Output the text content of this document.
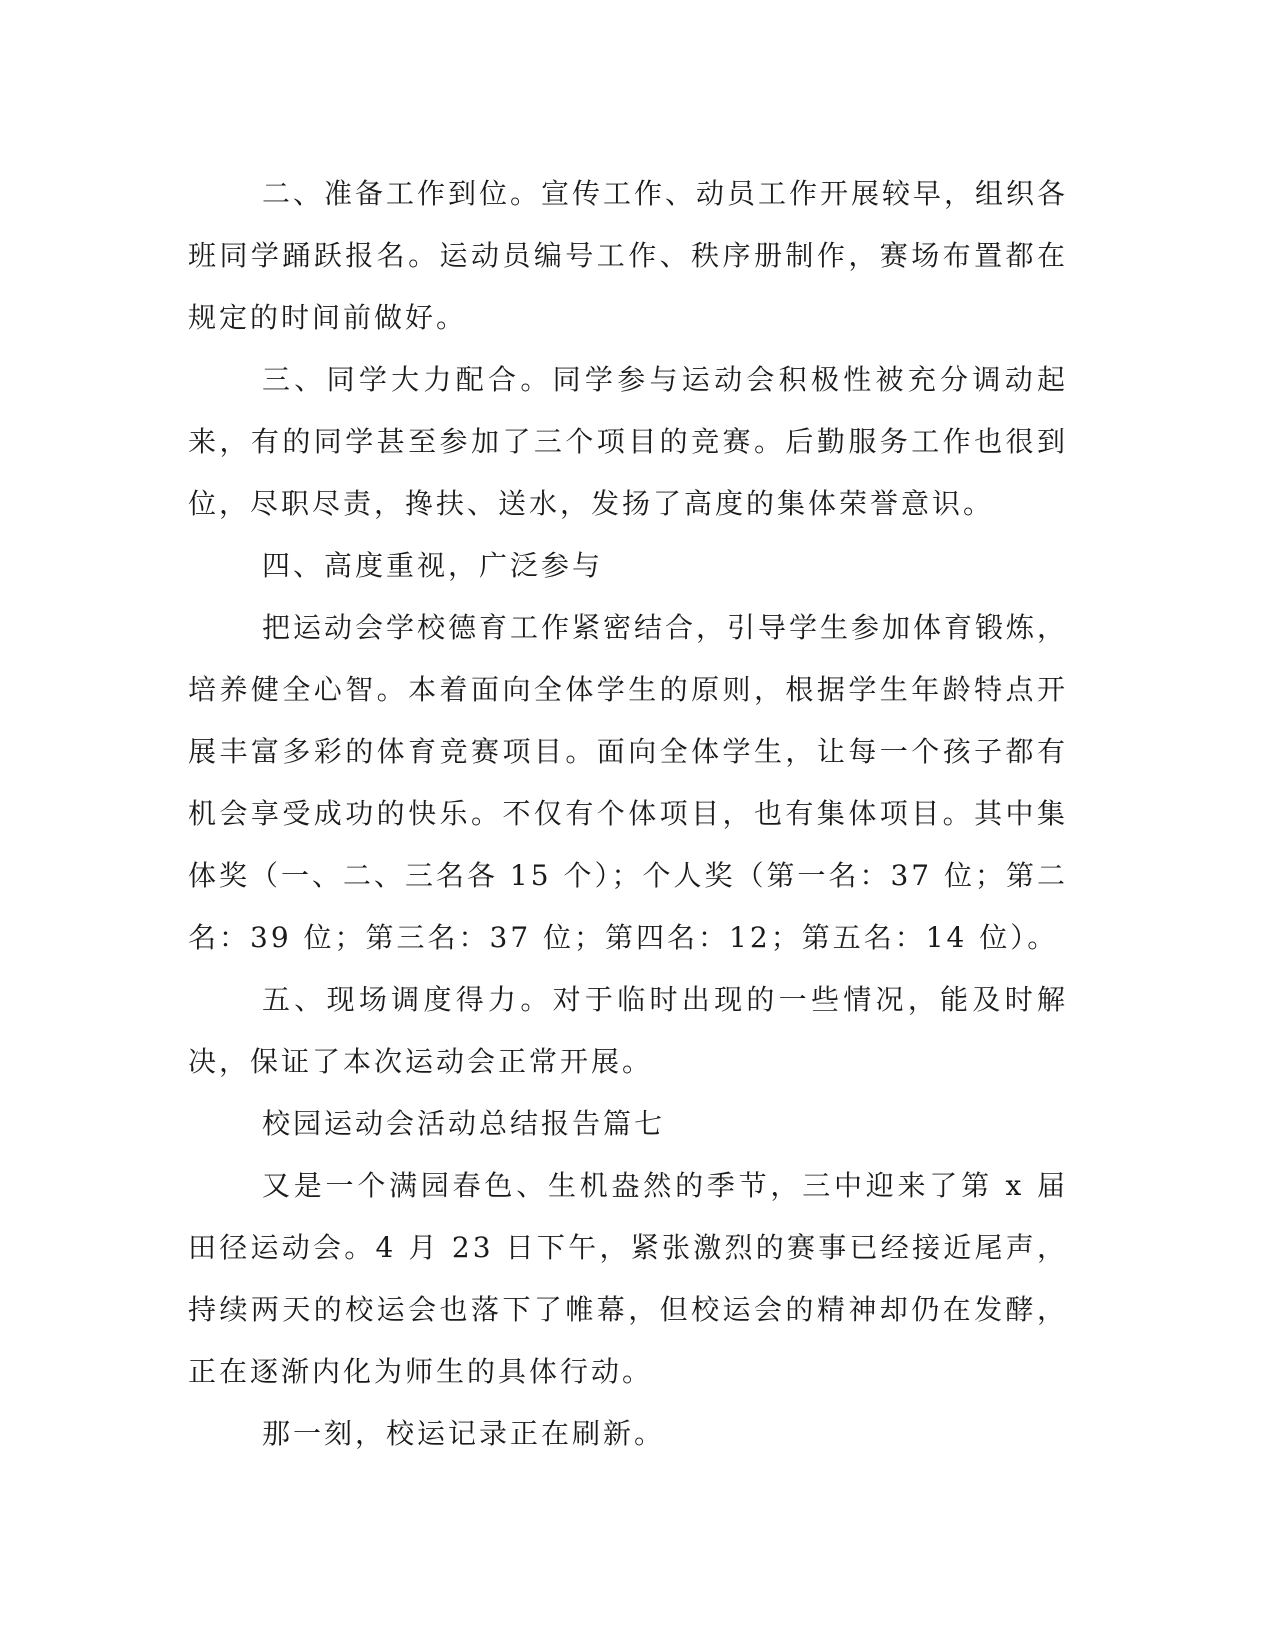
二、准备工作到位。宣传工作、动员工作开展较早，组织各班同学踊跃报名。运动员编号工作、秩序册制作，赛场布置都在规定的时间前做好。

三、同学大力配合。同学参与运动会积极性被充分调动起来，有的同学甚至参加了三个项目的竞赛。后勤服务工作也很到位，尽职尽责，搀扶、送水，发扬了高度的集体荣誉意识。

四、高度重视，广泛参与

把运动会学校德育工作紧密结合，引导学生参加体育锻炼，培养健全心智。本着面向全体学生的原则，根据学生年龄特点开展丰富多彩的体育竞赛项目。面向全体学生，让每一个孩子都有机会享受成功的快乐。不仅有个体项目，也有集体项目。其中集体奖（一、二、三名各 15 个）；个人奖（第一名：37 位；第二名：39 位；第三名：37 位；第四名：12；第五名：14 位）。

五、现场调度得力。对于临时出现的一些情况，能及时解决，保证了本次运动会正常开展。

校园运动会活动总结报告篇七

又是一个满园春色、生机盎然的季节，三中迎来了第 x 届田径运动会。4 月 23 日下午，紧张激烈的赛事已经接近尾声，持续两天的校运会也落下了帷幕，但校运会的精神却仍在发酵，正在逐渐内化为师生的具体行动。

那一刻，校运记录正在刷新。
